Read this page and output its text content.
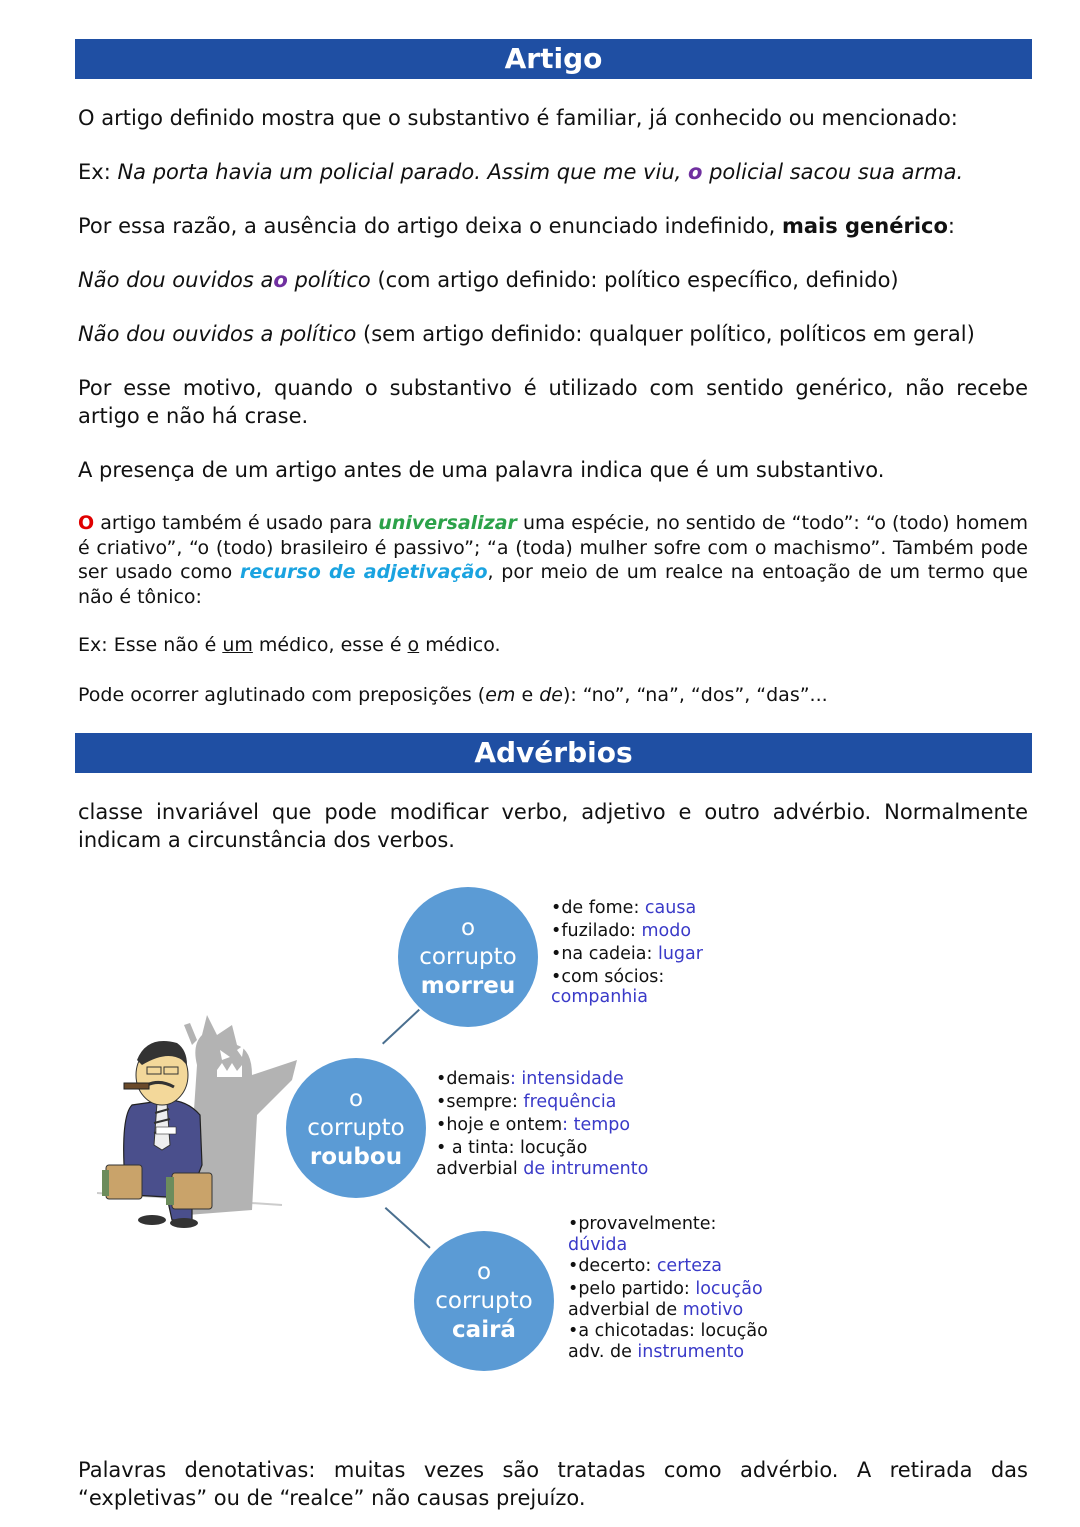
Artigo
O artigo definido mostra que o substantivo é familiar, já conhecido ou mencionado:
Ex: Na porta havia um policial parado. Assim que me viu, o policial sacou sua arma.
Por essa razão, a ausência do artigo deixa o enunciado indefinido, mais genérico:
Não dou ouvidos ao político (com artigo definido: político específico, definido)
Não dou ouvidos a político (sem artigo definido: qualquer político, políticos em geral)
Por esse motivo, quando o substantivo é utilizado com sentido genérico, não recebe artigo e não há crase.
A presença de um artigo antes de uma palavra indica que é um substantivo.
O artigo também é usado para universalizar uma espécie, no sentido de “todo”: “o (todo) homem é criativo”, “o (todo) brasileiro é passivo”; “a (toda) mulher sofre com o machismo”. Também pode ser usado como recurso de adjetivação, por meio de um realce na entoação de um termo que não é tônico:
Ex: Esse não é um médico, esse é o médico.
Pode ocorrer aglutinado com preposições (em e de): “no”, “na”, “dos”, “das”...
Advérbios
classe invariável que pode modificar verbo, adjetivo e outro advérbio. Normalmente indicam a circunstância dos verbos.
o
corrupto
morreu
•de fome: causa
•fuzilado: modo
•na cadeia: lugar
•com sócios:
companhia
o
corrupto
roubou
•demais: intensidade
•sempre: frequência
•hoje e ontem: tempo
• a tinta: locução
adverbial de intrumento
o
corrupto
cairá
•provavelmente:
dúvida
•decerto: certeza
•pelo partido: locução
adverbial de motivo
•a chicotadas: locução
adv. de instrumento
Palavras denotativas: muitas vezes são tratadas como advérbio. A retirada das “expletivas” ou de “realce” não causas prejuízo.
